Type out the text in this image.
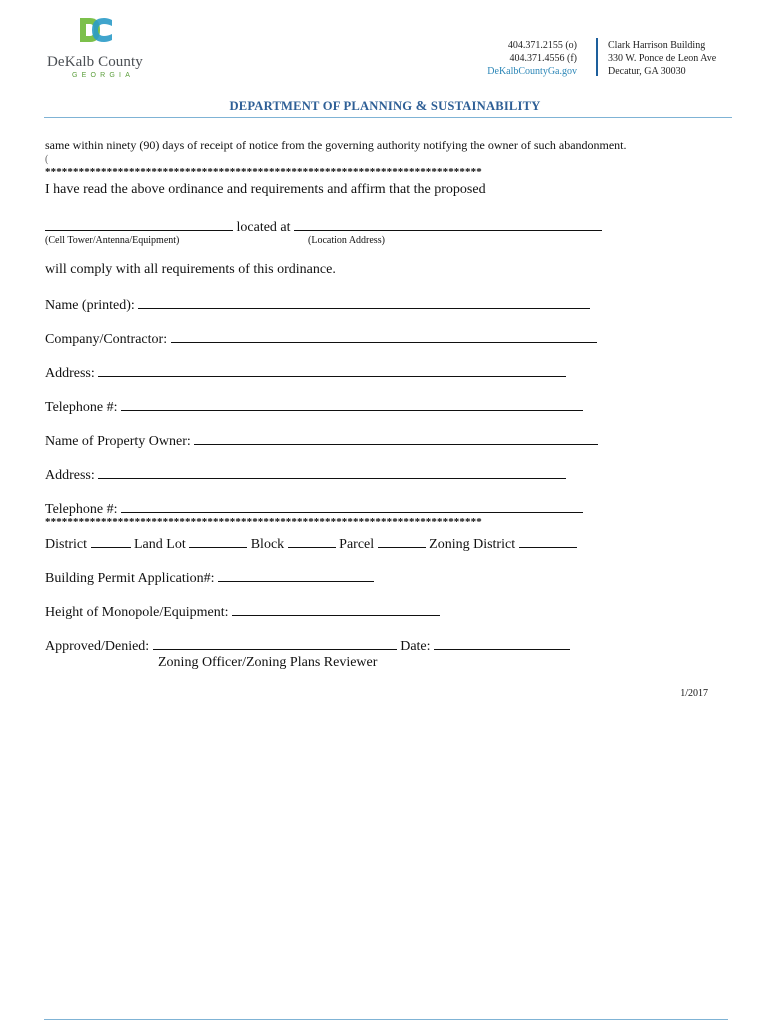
DeKalb County
GEORGIA
404.371.2155 (o)
404.371.4556 (f)
DeKalbCountyGa.gov
Clark Harrison Building
330 W. Ponce de Leon Ave
Decatur, GA 30030
DEPARTMENT OF PLANNING & SUSTAINABILITY
same within ninety (90) days of receipt of notice from the governing authority notifying the owner of such abandonment.
(
******************************************************************************
I have read the above ordinance and requirements and affirm that the proposed
located at
(Cell Tower/Antenna/Equipment)	(Location Address)
will comply with all requirements of this ordinance.
Name (printed):
Company/Contractor:
Address:
Telephone #:
Name of Property Owner:
Address:
Telephone #:
******************************************************************************
District	Land Lot	Block	Parcel	Zoning District
Building Permit Application#:
Height of Monopole/Equipment:
Approved/Denied:	Date:
Zoning Officer/Zoning Plans Reviewer
1/2017
